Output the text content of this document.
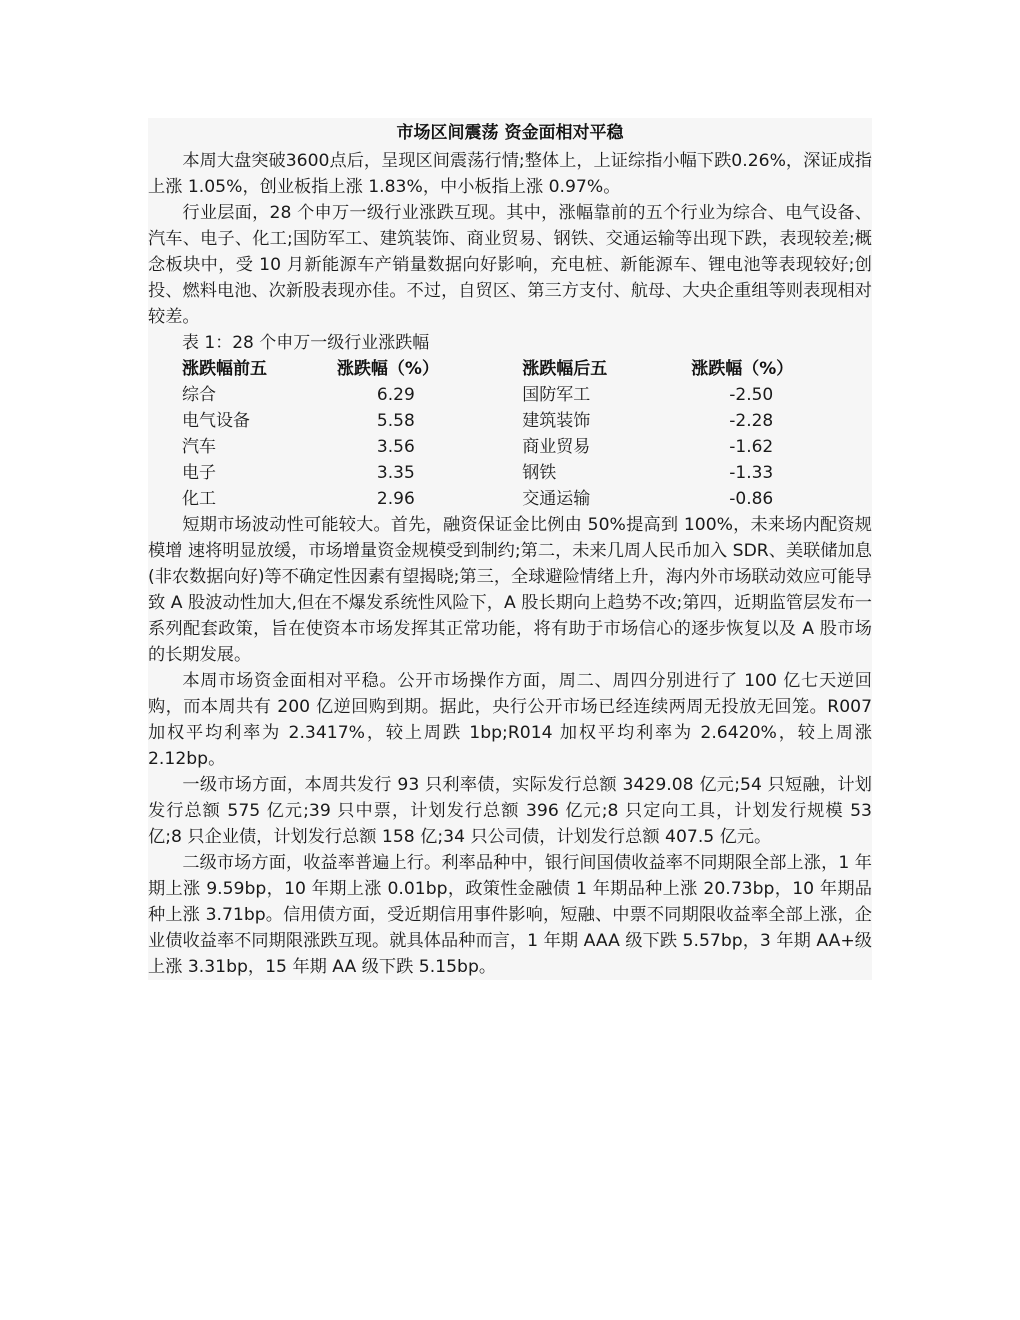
市场区间震荡 资金面相对平稳

本周大盘突破3600点后，呈现区间震荡行情;整体上，上证综指小幅下跌0.26%，深证成指上涨 1.05%，创业板指上涨 1.83%，中小板指上涨 0.97%。

行业层面，28 个申万一级行业涨跌互现。其中，涨幅靠前的五个行业为综合、电气设备、汽车、电子、化工;国防军工、建筑装饰、商业贸易、钢铁、交通运输等出现下跌，表现较差;概念板块中，受 10 月新能源车产销量数据向好影响，充电桩、新能源车、锂电池等表现较好;创投、燃料电池、次新股表现亦佳。不过，自贸区、第三方支付、航母、大央企重组等则表现相对较差。

表 1：28 个申万一级行业涨跌幅

涨跌幅前五	涨跌幅（%）	涨跌幅后五	涨跌幅（%）
综合	6.29	国防军工	-2.50
电气设备	5.58	建筑装饰	-2.28
汽车	3.56	商业贸易	-1.62
电子	3.35	钢铁	-1.33
化工	2.96	交通运输	-0.86

短期市场波动性可能较大。首先，融资保证金比例由 50%提高到 100%，未来场内配资规模增 速将明显放缓，市场增量资金规模受到制约;第二，未来几周人民币加入 SDR、美联储加息(非农数据向好)等不确定性因素有望揭晓;第三，全球避险情绪上升，海内外市场联动效应可能导致 A 股波动性加大,但在不爆发系统性风险下，A 股长期向上趋势不改;第四，近期监管层发布一系列配套政策，旨在使资本市场发挥其正常功能，将有助于市场信心的逐步恢复以及 A 股市场的长期发展。

本周市场资金面相对平稳。公开市场操作方面，周二、周四分别进行了 100 亿七天逆回购，而本周共有 200 亿逆回购到期。据此，央行公开市场已经连续两周无投放无回笼。R007 加权平均利率为 2.3417%，较上周跌 1bp;R014 加权平均利率为 2.6420%，较上周涨 2.12bp。

一级市场方面，本周共发行 93 只利率债，实际发行总额 3429.08 亿元;54 只短融，计划发行总额 575 亿元;39 只中票，计划发行总额 396 亿元;8 只定向工具，计划发行规模 53 亿;8 只企业债，计划发行总额 158 亿;34 只公司债，计划发行总额 407.5 亿元。

二级市场方面，收益率普遍上行。利率品种中，银行间国债收益率不同期限全部上涨，1 年期上涨 9.59bp，10 年期上涨 0.01bp，政策性金融债 1 年期品种上涨 20.73bp，10 年期品种上涨 3.71bp。信用债方面，受近期信用事件影响，短融、中票不同期限收益率全部上涨，企业债收益率不同期限涨跌互现。就具体品种而言，1 年期 AAA 级下跌 5.57bp，3 年期 AA+级上涨 3.31bp，15 年期 AA 级下跌 5.15bp。
